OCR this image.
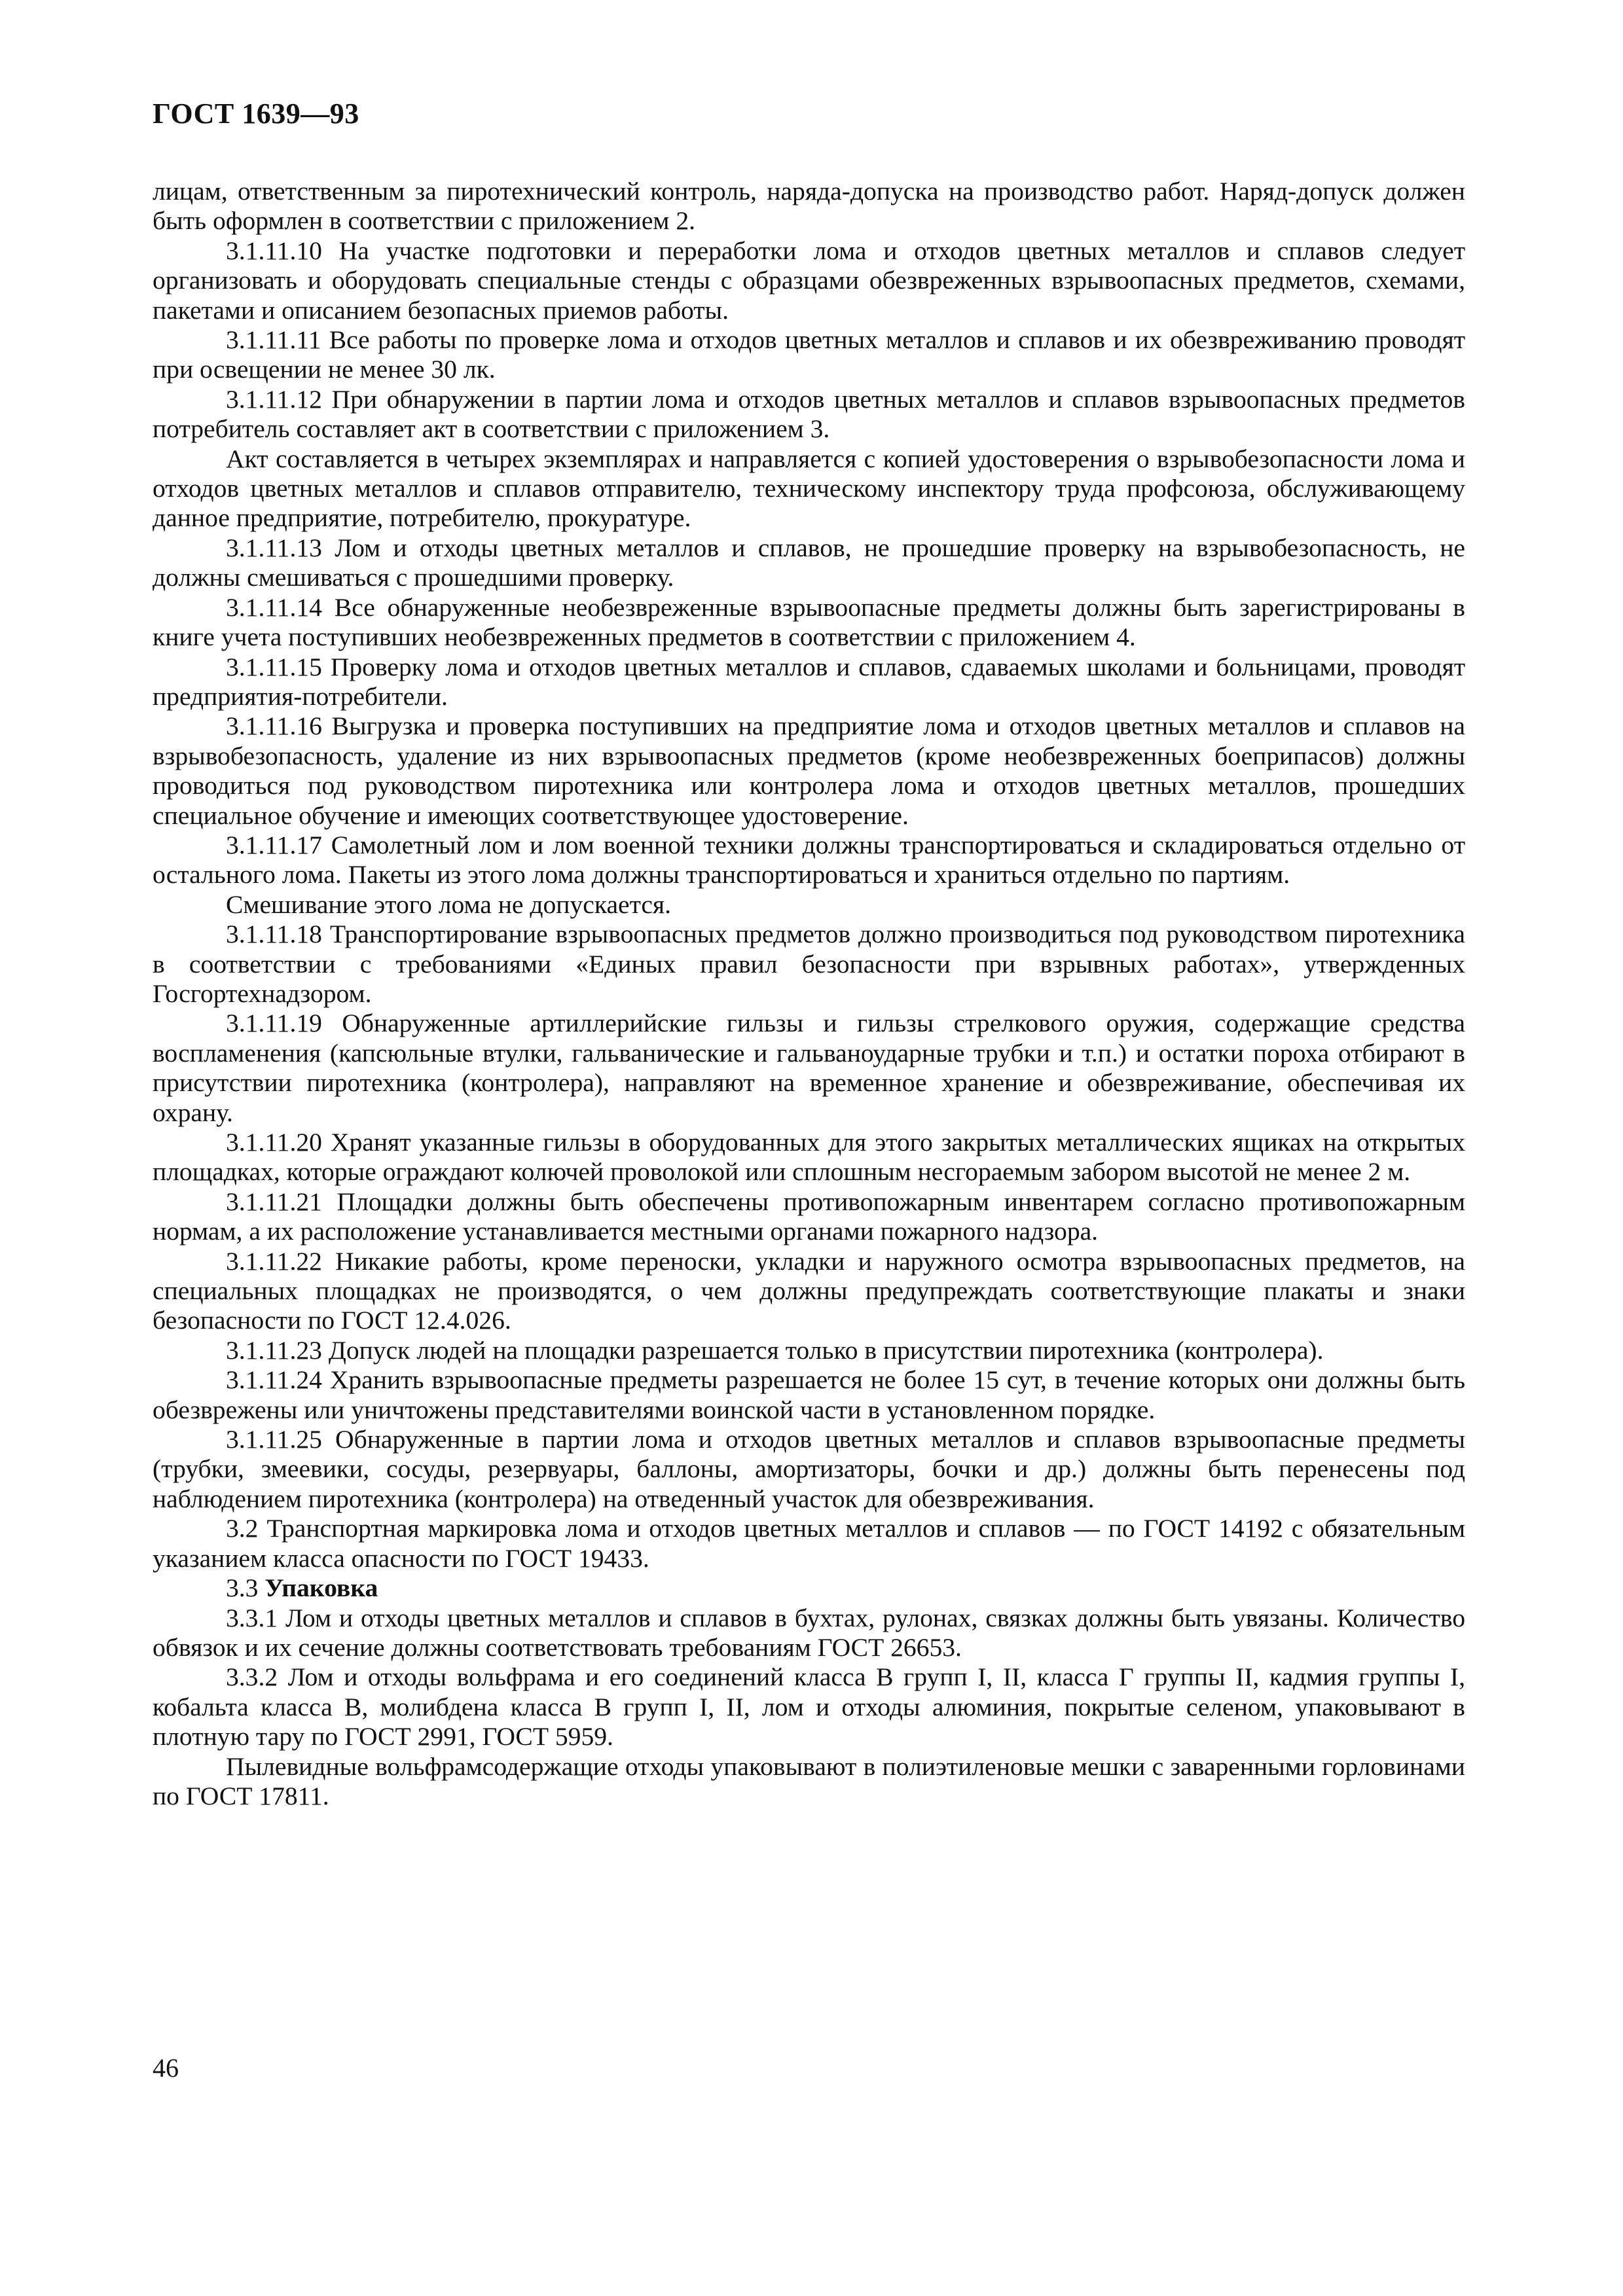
ГОСТ 1639—93

лицам, ответственным за пиротехнический контроль, наряда-допуска на производство работ. Наряд-допуск должен быть оформлен в соответствии с приложением 2.

3.1.11.10 На участке подготовки и переработки лома и отходов цветных металлов и сплавов следует организовать и оборудовать специальные стенды с образцами обезвреженных взрывоопасных предметов, схемами, пакетами и описанием безопасных приемов работы.

3.1.11.11 Все работы по проверке лома и отходов цветных металлов и сплавов и их обезвреживанию проводят при освещении не менее 30 лк.

3.1.11.12 При обнаружении в партии лома и отходов цветных металлов и сплавов взрывоопасных предметов потребитель составляет акт в соответствии с приложением 3.

Акт составляется в четырех экземплярах и направляется с копией удостоверения о взрывобезопасности лома и отходов цветных металлов и сплавов отправителю, техническому инспектору труда профсоюза, обслуживающему данное предприятие, потребителю, прокуратуре.

3.1.11.13 Лом и отходы цветных металлов и сплавов, не прошедшие проверку на взрывобезопасность, не должны смешиваться с прошедшими проверку.

3.1.11.14 Все обнаруженные необезвреженные взрывоопасные предметы должны быть зарегистрированы в книге учета поступивших необезвреженных предметов в соответствии с приложением 4.

3.1.11.15 Проверку лома и отходов цветных металлов и сплавов, сдаваемых школами и больницами, проводят предприятия-потребители.

3.1.11.16 Выгрузка и проверка поступивших на предприятие лома и отходов цветных металлов и сплавов на взрывобезопасность, удаление из них взрывоопасных предметов (кроме необезвреженных боеприпасов) должны проводиться под руководством пиротехника или контролера лома и отходов цветных металлов, прошедших специальное обучение и имеющих соответствующее удостоверение.

3.1.11.17 Самолетный лом и лом военной техники должны транспортироваться и складироваться отдельно от остального лома. Пакеты из этого лома должны транспортироваться и храниться отдельно по партиям.

Смешивание этого лома не допускается.

3.1.11.18 Транспортирование взрывоопасных предметов должно производиться под руководством пиротехника в соответствии с требованиями «Единых правил безопасности при взрывных работах», утвержденных Госгортехнадзором.

3.1.11.19 Обнаруженные артиллерийские гильзы и гильзы стрелкового оружия, содержащие средства воспламенения (капсюльные втулки, гальванические и гальваноударные трубки и т.п.) и остатки пороха отбирают в присутствии пиротехника (контролера), направляют на временное хранение и обезвреживание, обеспечивая их охрану.

3.1.11.20 Хранят указанные гильзы в оборудованных для этого закрытых металлических ящиках на открытых площадках, которые ограждают колючей проволокой или сплошным несгораемым забором высотой не менее 2 м.

3.1.11.21 Площадки должны быть обеспечены противопожарным инвентарем согласно противопожарным нормам, а их расположение устанавливается местными органами пожарного надзора.

3.1.11.22 Никакие работы, кроме переноски, укладки и наружного осмотра взрывоопасных предметов, на специальных площадках не производятся, о чем должны предупреждать соответствующие плакаты и знаки безопасности по ГОСТ 12.4.026.

3.1.11.23 Допуск людей на площадки разрешается только в присутствии пиротехника (контролера).

3.1.11.24 Хранить взрывоопасные предметы разрешается не более 15 сут, в течение которых они должны быть обезврежены или уничтожены представителями воинской части в установленном порядке.

3.1.11.25 Обнаруженные в партии лома и отходов цветных металлов и сплавов взрывоопасные предметы (трубки, змеевики, сосуды, резервуары, баллоны, амортизаторы, бочки и др.) должны быть перенесены под наблюдением пиротехника (контролера) на отведенный участок для обезвреживания.

3.2 Транспортная маркировка лома и отходов цветных металлов и сплавов — по ГОСТ 14192 с обязательным указанием класса опасности по ГОСТ 19433.

3.3 Упаковка

3.3.1 Лом и отходы цветных металлов и сплавов в бухтах, рулонах, связках должны быть увязаны. Количество обвязок и их сечение должны соответствовать требованиям ГОСТ 26653.

3.3.2 Лом и отходы вольфрама и его соединений класса В групп I, II, класса Г группы II, кадмия группы I, кобальта класса В, молибдена класса В групп I, II, лом и отходы алюминия, покрытые селеном, упаковывают в плотную тару по ГОСТ 2991, ГОСТ 5959.

Пылевидные вольфрамсодержащие отходы упаковывают в полиэтиленовые мешки с заваренными горловинами по ГОСТ 17811.

46
